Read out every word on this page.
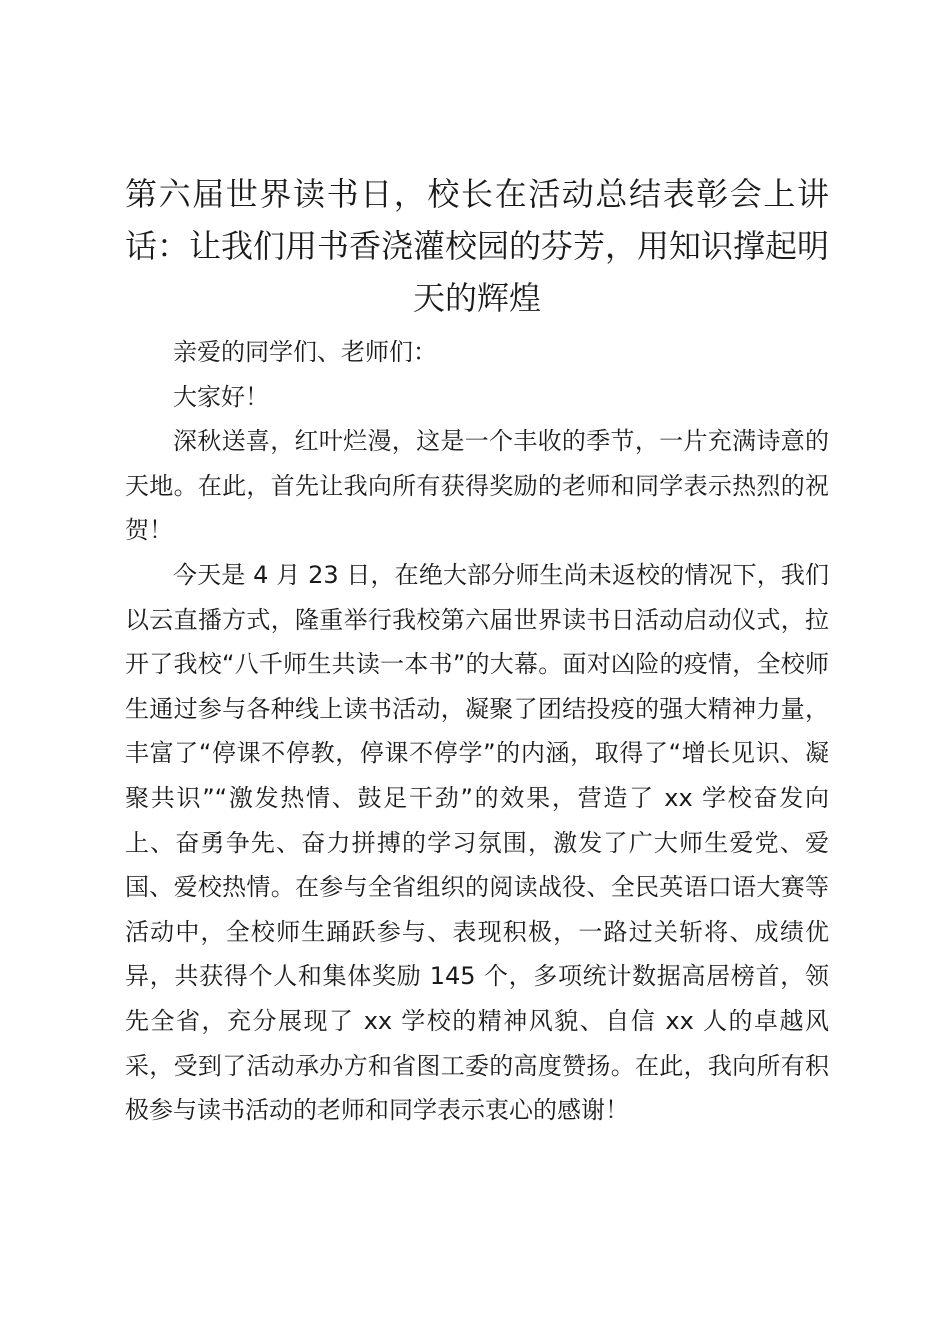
第六届世界读书日，校长在活动总结表彰会上讲话：让我们用书香浇灌校园的芬芳，用知识撑起明天的辉煌

亲爱的同学们、老师们：

大家好！

深秋送喜，红叶烂漫，这是一个丰收的季节，一片充满诗意的天地。在此，首先让我向所有获得奖励的老师和同学表示热烈的祝贺！

今天是 4 月 23 日，在绝大部分师生尚未返校的情况下，我们以云直播方式，隆重举行我校第六届世界读书日活动启动仪式，拉开了我校“八千师生共读一本书”的大幕。面对凶险的疫情，全校师生通过参与各种线上读书活动，凝聚了团结投疫的强大精神力量，丰富了“停课不停教，停课不停学”的内涵，取得了“增长见识、凝聚共识”“激发热情、鼓足干劲”的效果，营造了 xx 学校奋发向上、奋勇争先、奋力拼搏的学习氛围，激发了广大师生爱党、爱国、爱校热情。在参与全省组织的阅读战役、全民英语口语大赛等活动中，全校师生踊跃参与、表现积极，一路过关斩将、成绩优异，共获得个人和集体奖励 145 个，多项统计数据高居榜首，领先全省，充分展现了 xx 学校的精神风貌、自信 xx 人的卓越风采，受到了活动承办方和省图工委的高度赞扬。在此，我向所有积极参与读书活动的老师和同学表示衷心的感谢！
